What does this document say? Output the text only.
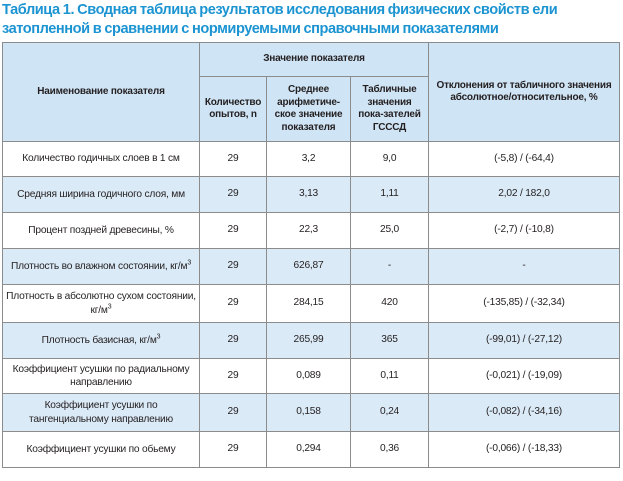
Таблица 1. Сводная таблица результатов исследования физических свойств ели затопленной в сравнении с нормируемыми справочными показателями
Наименование показателя	Значение показателя			Отклонения от табличного значения абсолютное/относительное, %
	Количество опытов, n	Среднее арифметиче-ское значение показателя	Табличные значения пока-зателей ГСССД	
Количество годичных слоев в 1 см	29	3,2	9,0	(-5,8) / (-64,4)
Средняя ширина годичного слоя, мм	29	3,13	1,11	2,02 / 182,0
Процент поздней древесины, %	29	22,3	25,0	(-2,7) / (-10,8)
Плотность во влажном состоянии, $кг/м^3$	29	626,87	-	-
Плотность в абсолютно сухом состоянии, $кг/м^3$	29	284,15	420	(-135,85) / (-32,34)
Плотность базисная, $кг/м^3$	29	265,99	365	(-99,01) / (-27,12)
Коэффициент усушки по радиальному направлению	29	0,089	0,11	(-0,021) / (-19,09)
Коэффициент усушки по тангенциальному направлению	29	0,158	0,24	(-0,082) / (-34,16)
Коэффициент усушки по обьему	29	0,294	0,36	(-0,066) / (-18,33)
